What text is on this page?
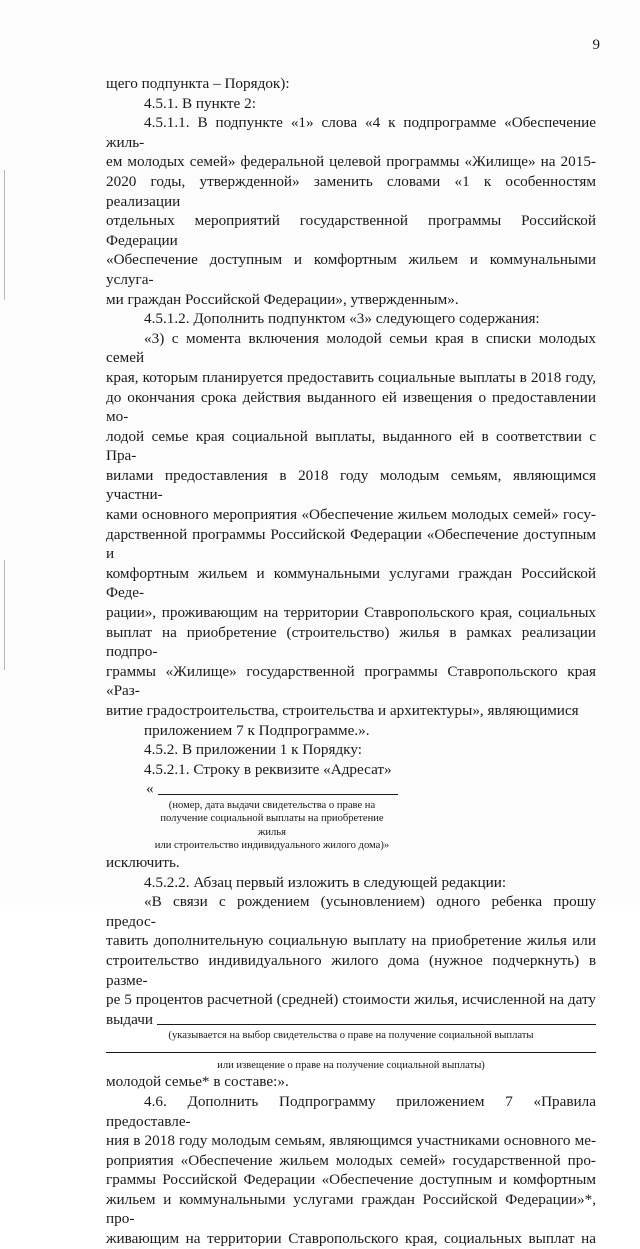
9

щего подпункта – Порядок):

4.5.1. В пункте 2:

4.5.1.1. В подпункте «1» слова «4 к подпрограмме «Обеспечение жиль-

ем молодых семей» федеральной целевой программы «Жилище» на 2015-

2020 годы, утвержденной» заменить словами «1 к особенностям реализации

отдельных мероприятий государственной программы Российской Федерации

«Обеспечение доступным и комфортным жильем и коммунальными услуга-

ми граждан Российской Федерации», утвержденным».

4.5.1.2. Дополнить подпунктом «3» следующего содержания:

«3) с момента включения молодой семьи края в списки молодых семей

края, которым планируется предоставить социальные выплаты в 2018 году,

до окончания срока действия выданного ей извещения о предоставлении мо-

лодой семье края социальной выплаты, выданного ей в соответствии с Пра-

вилами предоставления в 2018 году молодым семьям, являющимся участни-

ками основного мероприятия «Обеспечение жильем молодых семей» госу-

дарственной программы Российской Федерации «Обеспечение доступным и

комфортным жильем и коммунальными услугами граждан Российской Феде-

рации», проживающим на территории Ставропольского края, социальных

выплат на приобретение (строительство) жилья в рамках реализации подпро-

граммы «Жилище» государственной программы Ставропольского края «Раз-

витие градостроительства, строительства и архитектуры», являющимися

приложением 7 к Подпрограмме.».

4.5.2. В приложении 1 к Порядку:

4.5.2.1. Строку в реквизите «Адресат»

«

(номер, дата выдачи свидетельства о праве на

получение социальной выплаты на приобретение жилья

или строительство индивидуального жилого дома)»

исключить.

4.5.2.2. Абзац первый изложить в следующей редакции:

«В связи с рождением (усыновлением) одного ребенка прошу предос-

тавить дополнительную социальную выплату на приобретение жилья или

строительство индивидуального жилого дома (нужное подчеркнуть) в разме-

ре 5 процентов расчетной (средней) стоимости жилья, исчисленной на дату

выдачи

(указывается на выбор свидетельства о праве на получение социальной выплаты

или извещение о праве на получение социальной выплаты)

молодой семье* в составе:».

4.6. Дополнить Подпрограмму приложением 7 «Правила предоставле-

ния в 2018 году молодым семьям, являющимся участниками основного ме-

роприятия «Обеспечение жильем молодых семей» государственной про-

граммы Российской Федерации «Обеспечение доступным и комфортным

жильем и коммунальными услугами граждан Российской Федерации»*, про-

живающим на территории Ставропольского края, социальных выплат на
